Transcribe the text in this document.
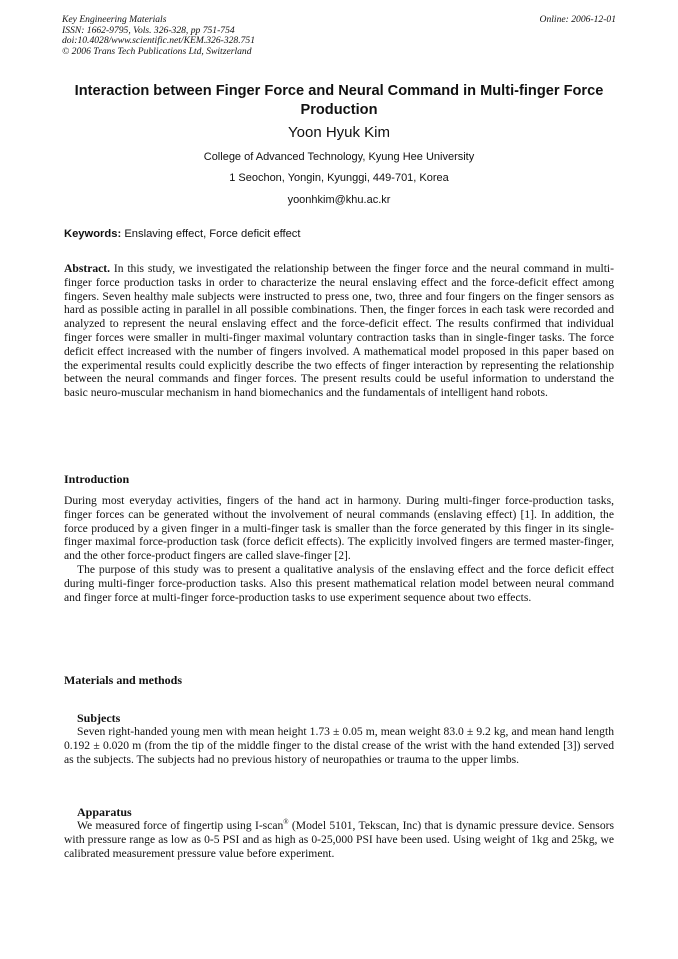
Key Engineering Materials
ISSN: 1662-9795, Vols. 326-328, pp 751-754
doi:10.4028/www.scientific.net/KEM.326-328.751
© 2006 Trans Tech Publications Ltd, Switzerland
Online: 2006-12-01
Interaction between Finger Force and Neural Command in Multi-finger Force Production
Yoon Hyuk Kim
College of Advanced Technology, Kyung Hee University
1 Seochon, Yongin, Kyunggi, 449-701, Korea
yoonhkim@khu.ac.kr
Keywords: Enslaving effect, Force deficit effect
Abstract. In this study, we investigated the relationship between the finger force and the neural command in multi-finger force production tasks in order to characterize the neural enslaving effect and the force-deficit effect among fingers. Seven healthy male subjects were instructed to press one, two, three and four fingers on the finger sensors as hard as possible acting in parallel in all possible combinations. Then, the finger forces in each task were recorded and analyzed to represent the neural enslaving effect and the force-deficit effect. The results confirmed that individual finger forces were smaller in multi-finger maximal voluntary contraction tasks than in single-finger tasks. The force deficit effect increased with the number of fingers involved. A mathematical model proposed in this paper based on the experimental results could explicitly describe the two effects of finger interaction by representing the relationship between the neural commands and finger forces. The present results could be useful information to understand the basic neuro-muscular mechanism in hand biomechanics and the fundamentals of intelligent hand robots.
Introduction
During most everyday activities, fingers of the hand act in harmony. During multi-finger force-production tasks, finger forces can be generated without the involvement of neural commands (enslaving effect) [1]. In addition, the force produced by a given finger in a multi-finger task is smaller than the force generated by this finger in its single-finger maximal force-production task (force deficit effects). The explicitly involved fingers are termed master-finger, and the other force-product fingers are called slave-finger [2].
The purpose of this study was to present a qualitative analysis of the enslaving effect and the force deficit effect during multi-finger force-production tasks. Also this present mathematical relation model between neural command and finger force at multi-finger force-production tasks to use experiment sequence about two effects.
Materials and methods
Subjects
Seven right-handed young men with mean height 1.73 ± 0.05 m, mean weight 83.0 ± 9.2 kg, and mean hand length 0.192 ± 0.020 m (from the tip of the middle finger to the distal crease of the wrist with the hand extended [3]) served as the subjects. The subjects had no previous history of neuropathies or trauma to the upper limbs.
Apparatus
We measured force of fingertip using I-scan® (Model 5101, Tekscan, Inc) that is dynamic pressure device. Sensors with pressure range as low as 0-5 PSI and as high as 0-25,000 PSI have been used. Using weight of 1kg and 25kg, we calibrated measurement pressure value before experiment.
